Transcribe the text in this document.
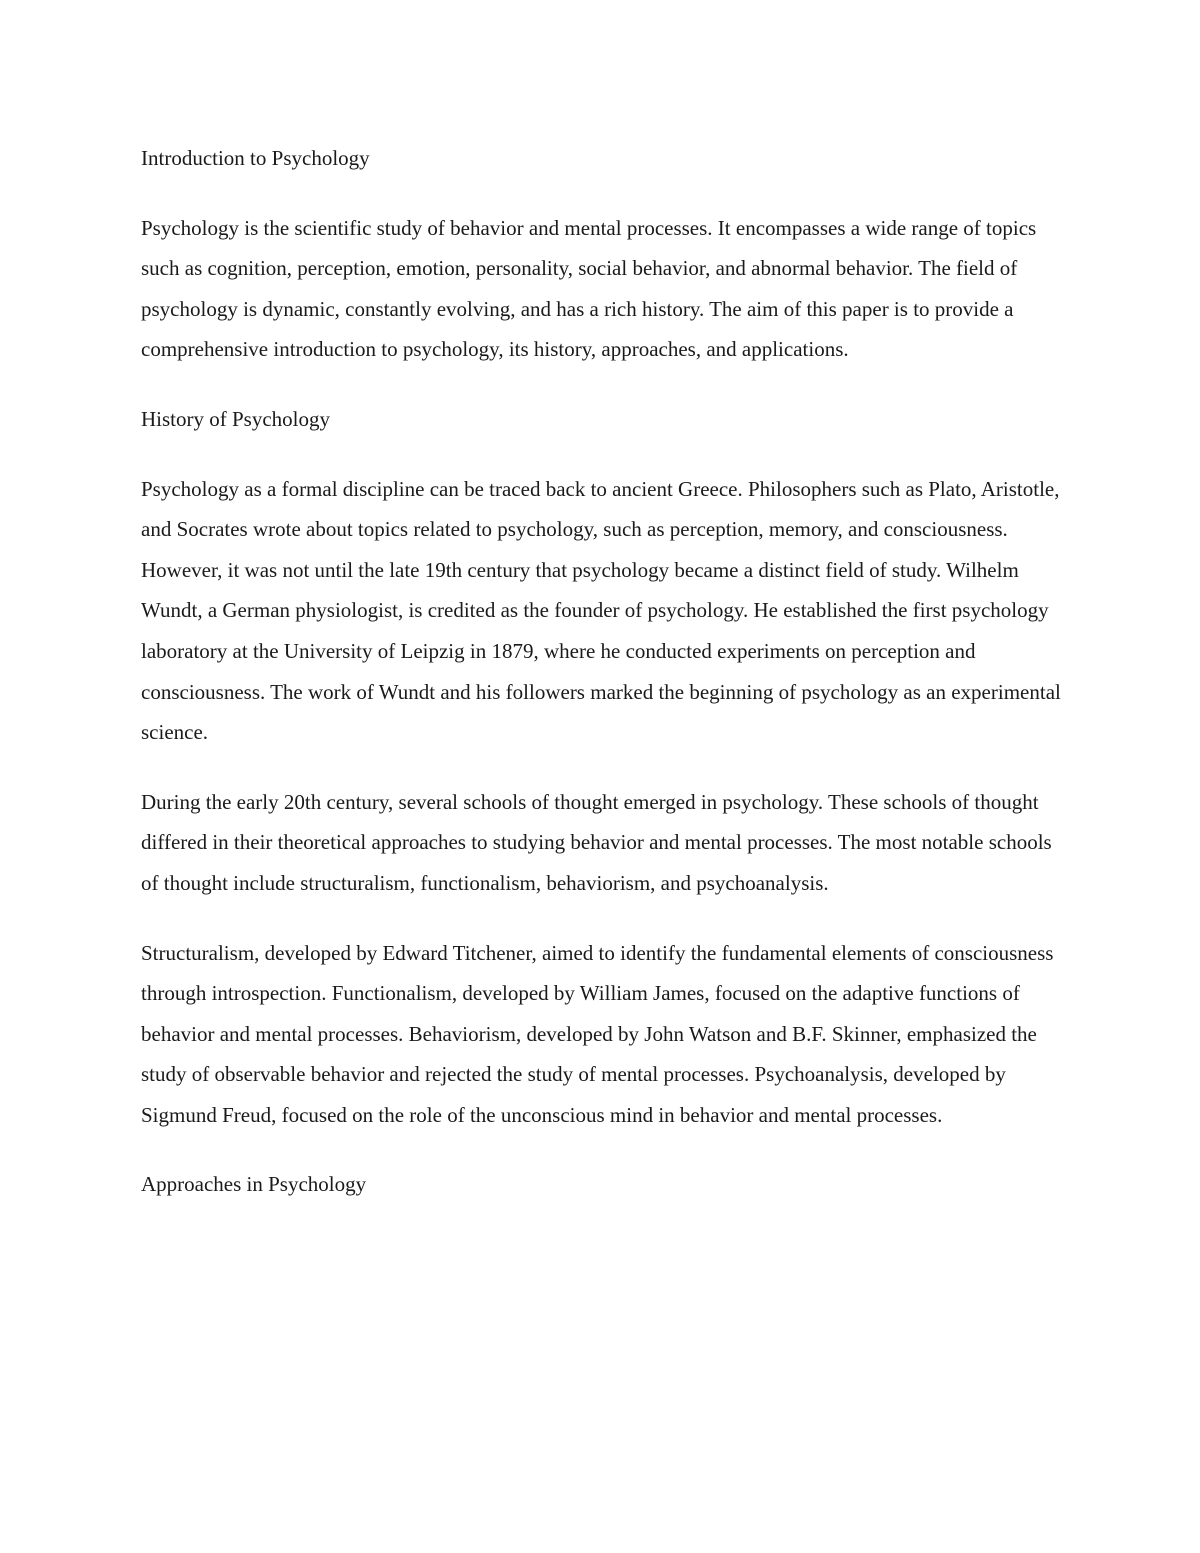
Introduction to Psychology

Psychology is the scientific study of behavior and mental processes. It encompasses a wide range of topics such as cognition, perception, emotion, personality, social behavior, and abnormal behavior. The field of psychology is dynamic, constantly evolving, and has a rich history. The aim of this paper is to provide a comprehensive introduction to psychology, its history, approaches, and applications.

History of Psychology

Psychology as a formal discipline can be traced back to ancient Greece. Philosophers such as Plato, Aristotle, and Socrates wrote about topics related to psychology, such as perception, memory, and consciousness. However, it was not until the late 19th century that psychology became a distinct field of study. Wilhelm Wundt, a German physiologist, is credited as the founder of psychology. He established the first psychology laboratory at the University of Leipzig in 1879, where he conducted experiments on perception and consciousness. The work of Wundt and his followers marked the beginning of psychology as an experimental science.

During the early 20th century, several schools of thought emerged in psychology. These schools of thought differed in their theoretical approaches to studying behavior and mental processes. The most notable schools of thought include structuralism, functionalism, behaviorism, and psychoanalysis.

Structuralism, developed by Edward Titchener, aimed to identify the fundamental elements of consciousness through introspection. Functionalism, developed by William James, focused on the adaptive functions of behavior and mental processes. Behaviorism, developed by John Watson and B.F. Skinner, emphasized the study of observable behavior and rejected the study of mental processes. Psychoanalysis, developed by Sigmund Freud, focused on the role of the unconscious mind in behavior and mental processes.

Approaches in Psychology
